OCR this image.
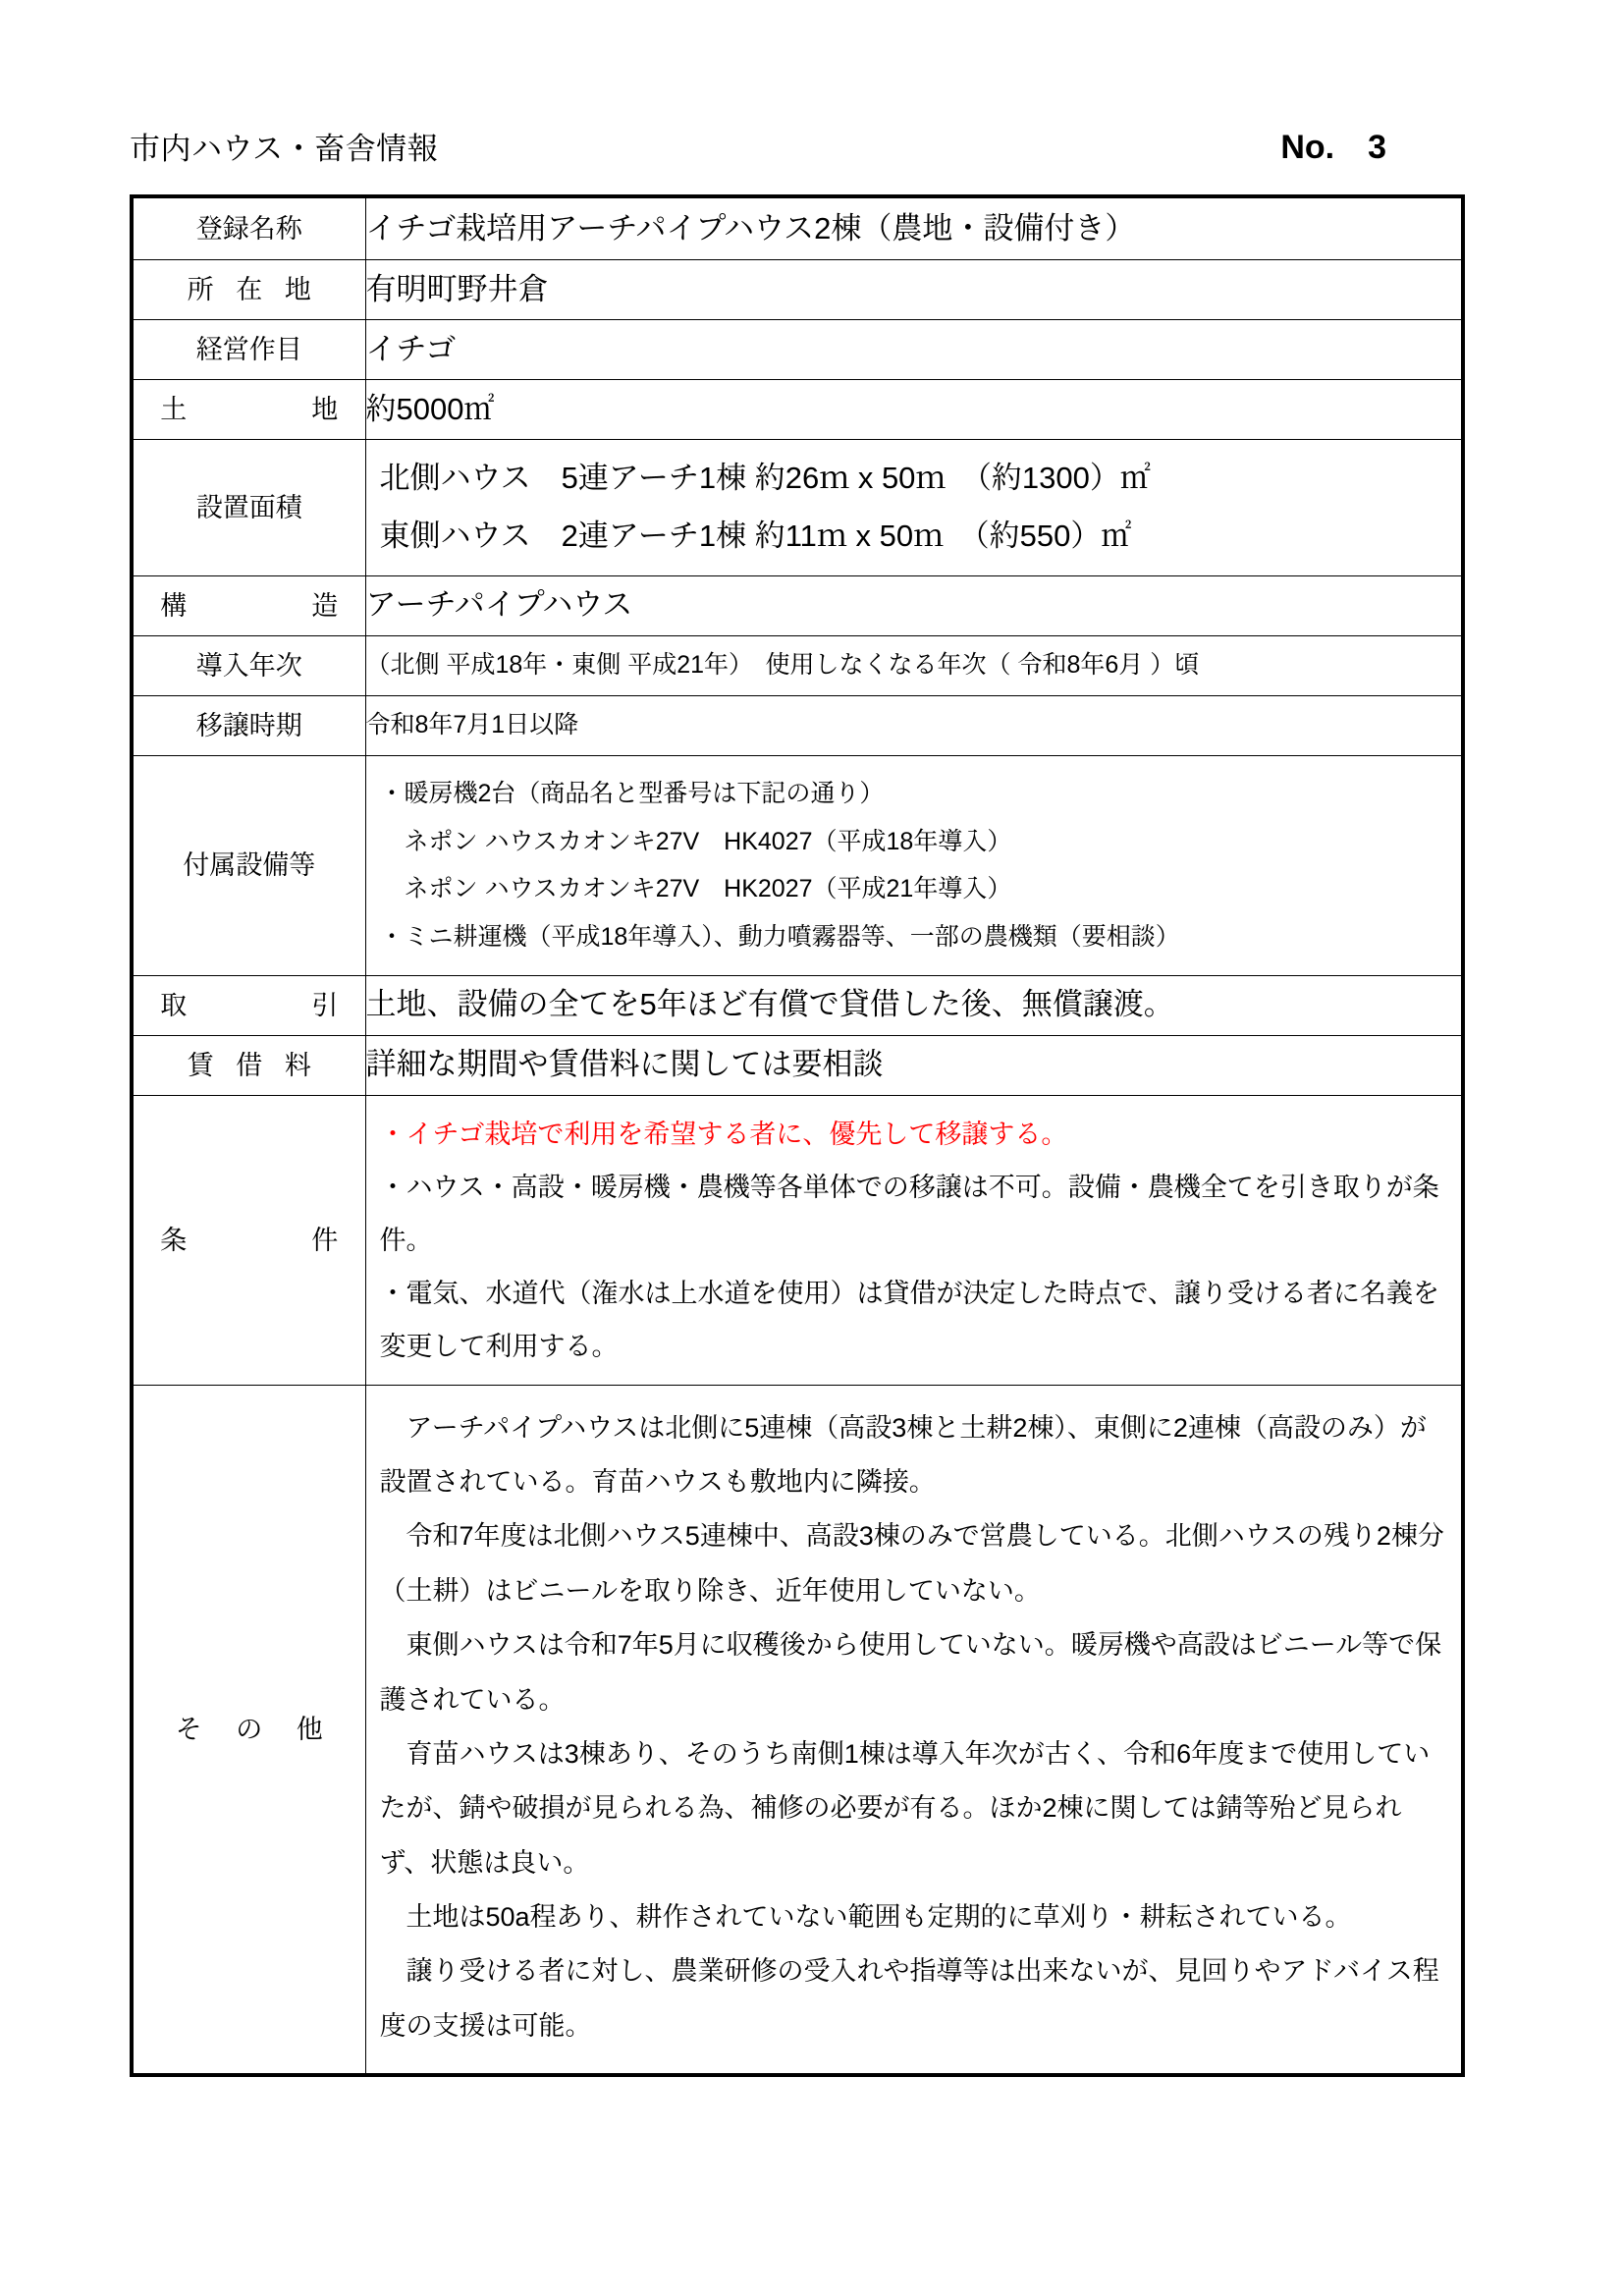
市内ハウス・畜舎情報	No.　3
登録名称	イチゴ栽培用アーチパイプハウス2棟（農地・設備付き）
所 在 地	有明町野井倉
経営作目	イチゴ
土　　地	約5000㎡
設置面積	北側ハウス　5連アーチ1棟 約26ｍ x 50ｍ　（約1300）㎡
東側ハウス　2連アーチ1棟 約11ｍ x 50ｍ　（約550）㎡

構　　造	アーチパイプハウス
導入年次	（北側 平成18年・東側 平成21年）　使用しなくなる年次（ 令和8年6月 ）頃
移譲時期	令和8年7月1日以降
付属設備等	・暖房機2台（商品名と型番号は下記の通り）
　ネポン ハウスカオンキ27V　HK4027（平成18年導入）
　ネポン ハウスカオンキ27V　HK2027（平成21年導入）
・ミニ耕運機（平成18年導入）、動力噴霧器等、一部の農機類（要相談）

取　　引	土地、設備の全てを5年ほど有償で貸借した後、無償譲渡。
賃 借 料	詳細な期間や賃借料に関しては要相談
条　　件	・イチゴ栽培で利用を希望する者に、優先して移譲する。
・ハウス・高設・暖房機・農機等各単体での移譲は不可。設備・農機全てを引き取りが条件。
・電気、水道代（潅水は上水道を使用）は貸借が決定した時点で、譲り受ける者に名義を変更して利用する。

そ の 他	
アーチパイプハウスは北側に5連棟（高設3棟と土耕2棟）、東側に2連棟（高設のみ）が設置されている。育苗ハウスも敷地内に隣接。
令和7年度は北側ハウス5連棟中、高設3棟のみで営農している。北側ハウスの残り2棟分（土耕）はビニールを取り除き、近年使用していない。
東側ハウスは令和7年5月に収穫後から使用していない。暖房機や高設はビニール等で保護されている。
育苗ハウスは3棟あり、そのうち南側1棟は導入年次が古く、令和6年度まで使用していたが、錆や破損が見られる為、補修の必要が有る。ほか2棟に関しては錆等殆ど見られず、状態は良い。
土地は50a程あり、耕作されていない範囲も定期的に草刈り・耕耘されている。
譲り受ける者に対し、農業研修の受入れや指導等は出来ないが、見回りやアドバイス程度の支援は可能。
